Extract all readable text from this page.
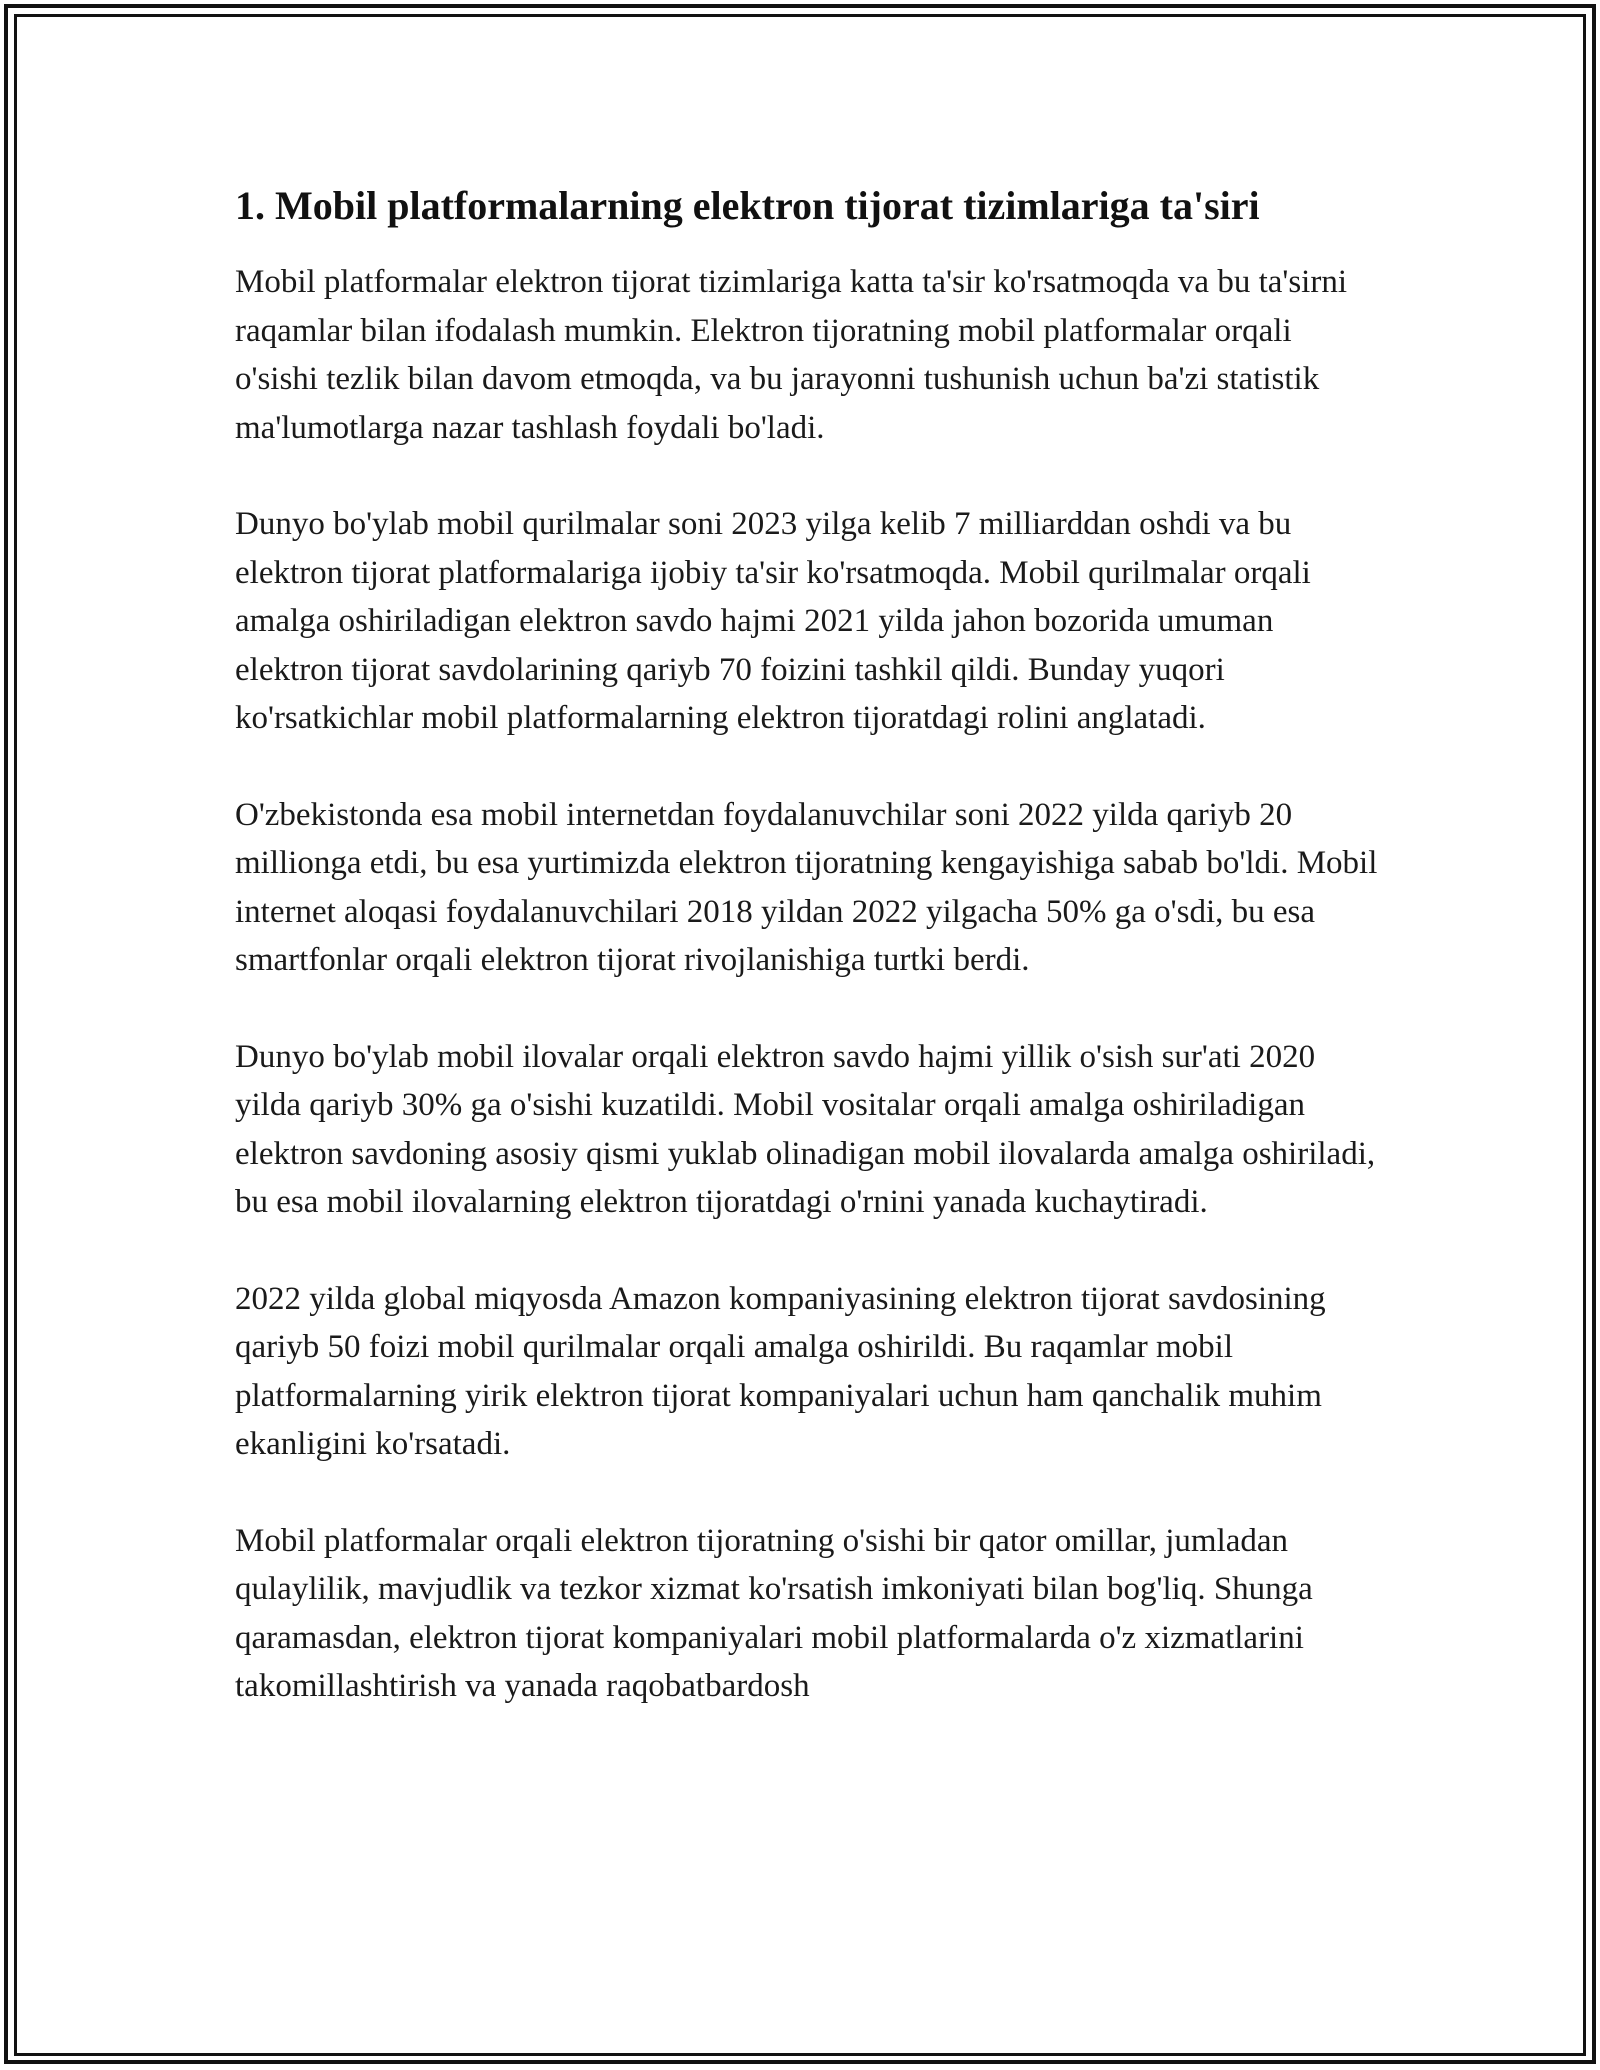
1. Mobil platformalarning elektron tijorat tizimlariga ta'siri

Mobil platformalar elektron tijorat tizimlariga katta ta'sir ko'rsatmoqda va bu ta'sirni raqamlar bilan ifodalash mumkin. Elektron tijoratning mobil platformalar orqali o'sishi tezlik bilan davom etmoqda, va bu jarayonni tushunish uchun ba'zi statistik ma'lumotlarga nazar tashlash foydali bo'ladi.

Dunyo bo'ylab mobil qurilmalar soni 2023 yilga kelib 7 milliarddan oshdi va bu elektron tijorat platformalariga ijobiy ta'sir ko'rsatmoqda. Mobil qurilmalar orqali amalga oshiriladigan elektron savdo hajmi 2021 yilda jahon bozorida umuman elektron tijorat savdolarining qariyb 70 foizini tashkil qildi. Bunday yuqori ko'rsatkichlar mobil platformalarning elektron tijoratdagi rolini anglatadi.

O'zbekistonda esa mobil internetdan foydalanuvchilar soni 2022 yilda qariyb 20 millionga etdi, bu esa yurtimizda elektron tijoratning kengayishiga sabab bo'ldi. Mobil internet aloqasi foydalanuvchilari 2018 yildan 2022 yilgacha 50% ga o'sdi, bu esa smartfonlar orqali elektron tijorat rivojlanishiga turtki berdi.

Dunyo bo'ylab mobil ilovalar orqali elektron savdo hajmi yillik o'sish sur'ati 2020 yilda qariyb 30% ga o'sishi kuzatildi. Mobil vositalar orqali amalga oshiriladigan elektron savdoning asosiy qismi yuklab olinadigan mobil ilovalarda amalga oshiriladi, bu esa mobil ilovalarning elektron tijoratdagi o'rnini yanada kuchaytiradi.

2022 yilda global miqyosda Amazon kompaniyasining elektron tijorat savdosining qariyb 50 foizi mobil qurilmalar orqali amalga oshirildi. Bu raqamlar mobil platformalarning yirik elektron tijorat kompaniyalari uchun ham qanchalik muhim ekanligini ko'rsatadi.

Mobil platformalar orqali elektron tijoratning o'sishi bir qator omillar, jumladan qulaylilik, mavjudlik va tezkor xizmat ko'rsatish imkoniyati bilan bog'liq. Shunga qaramasdan, elektron tijorat kompaniyalari mobil platformalarda o'z xizmatlarini takomillashtirish va yanada raqobatbardosh
